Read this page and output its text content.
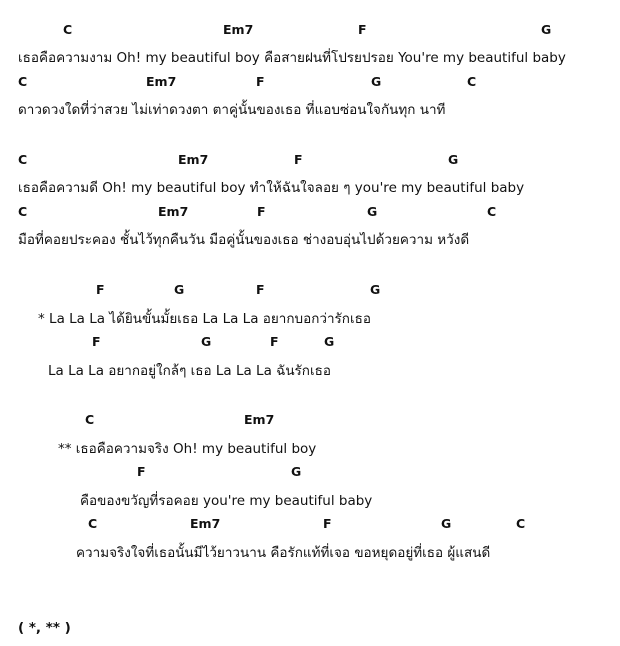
C	Em7	F	G
เธอคือความงาม Oh! my beautiful boy คือสายฝนที่โปรยปรอย You're my beautiful baby
C	Em7	F	G	C
ดาวดวงใดที่ว่าสวย ไม่เท่าดวงตา ตาคู่นั้นของเธอ ที่แอบซ่อนใจกันทุก นาที
C	Em7	F	G
เธอคือความดี Oh! my beautiful boy ทำให้ฉันใจลอย ๆ you're my beautiful baby
C	Em7	F	G	C
มือที่คอยประคอง ชั้นไว้ทุกคืนวัน มือคู่นั้นของเธอ ช่างอบอุ่นไปด้วยความ หวังดี
F	G	F	G
* La La La ได้ยินขั้นมั้ยเธอ La La La อยากบอกว่ารักเธอ
F	G	F	G
La La La อยากอยู่ใกล้ๆ เธอ La La La ฉันรักเธอ
C	Em7
** เธอคือความจริง Oh! my beautiful boy
F	G
คือของขวัญที่รอคอย you're my beautiful baby
C	Em7	F	G	C
ความจริงใจที่เธอนั้นมีไว้ยาวนาน คือรักแท้ที่เจอ ขอหยุดอยู่ที่เธอ ผู้แสนดี
( *, ** )
